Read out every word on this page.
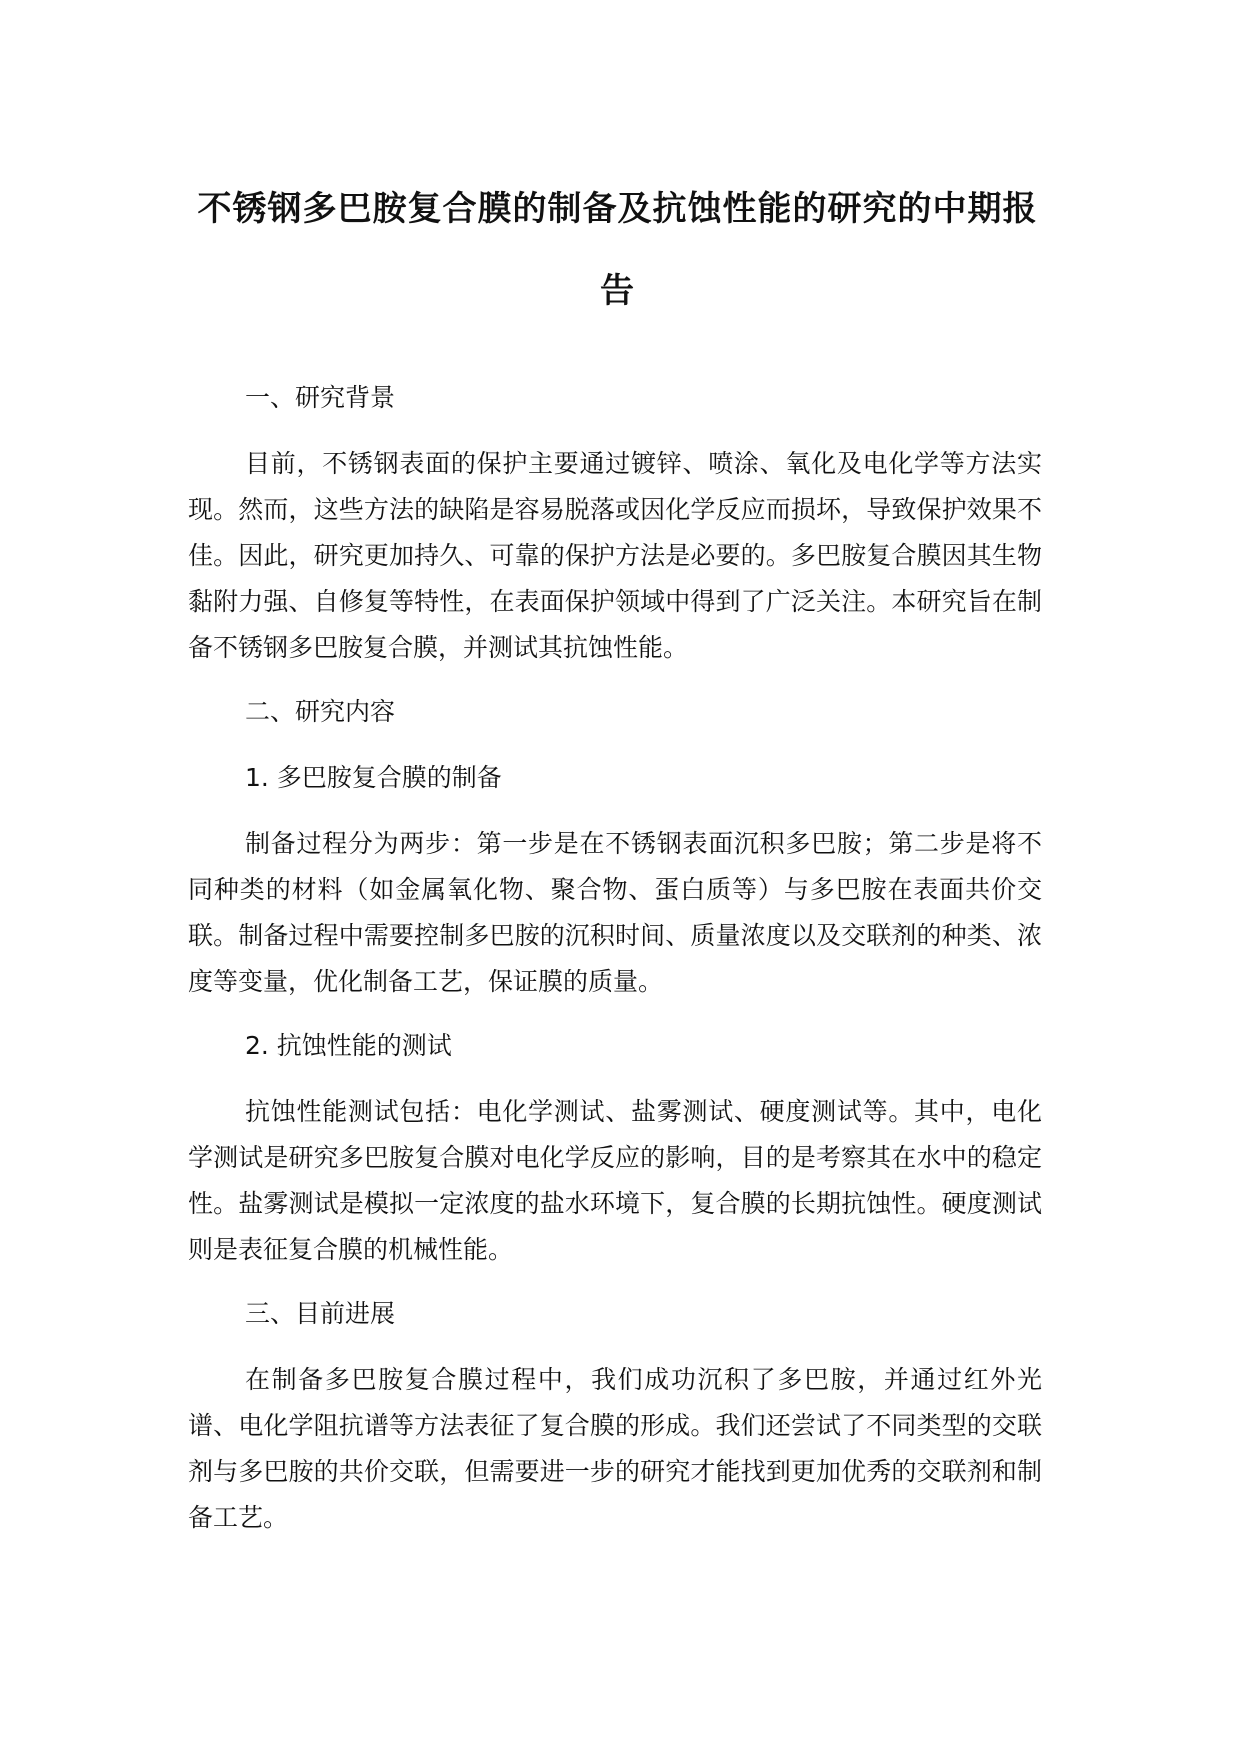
不锈钢多巴胺复合膜的制备及抗蚀性能的研究的中期报告

一、研究背景

目前，不锈钢表面的保护主要通过镀锌、喷涂、氧化及电化学等方法实现。然而，这些方法的缺陷是容易脱落或因化学反应而损坏，导致保护效果不佳。因此，研究更加持久、可靠的保护方法是必要的。多巴胺复合膜因其生物黏附力强、自修复等特性，在表面保护领域中得到了广泛关注。本研究旨在制备不锈钢多巴胺复合膜，并测试其抗蚀性能。

二、研究内容

1. 多巴胺复合膜的制备

制备过程分为两步：第一步是在不锈钢表面沉积多巴胺；第二步是将不同种类的材料（如金属氧化物、聚合物、蛋白质等）与多巴胺在表面共价交联。制备过程中需要控制多巴胺的沉积时间、质量浓度以及交联剂的种类、浓度等变量，优化制备工艺，保证膜的质量。

2. 抗蚀性能的测试

抗蚀性能测试包括：电化学测试、盐雾测试、硬度测试等。其中，电化学测试是研究多巴胺复合膜对电化学反应的影响，目的是考察其在水中的稳定性。盐雾测试是模拟一定浓度的盐水环境下，复合膜的长期抗蚀性。硬度测试则是表征复合膜的机械性能。

三、目前进展

在制备多巴胺复合膜过程中，我们成功沉积了多巴胺，并通过红外光谱、电化学阻抗谱等方法表征了复合膜的形成。我们还尝试了不同类型的交联剂与多巴胺的共价交联，但需要进一步的研究才能找到更加优秀的交联剂和制备工艺。
